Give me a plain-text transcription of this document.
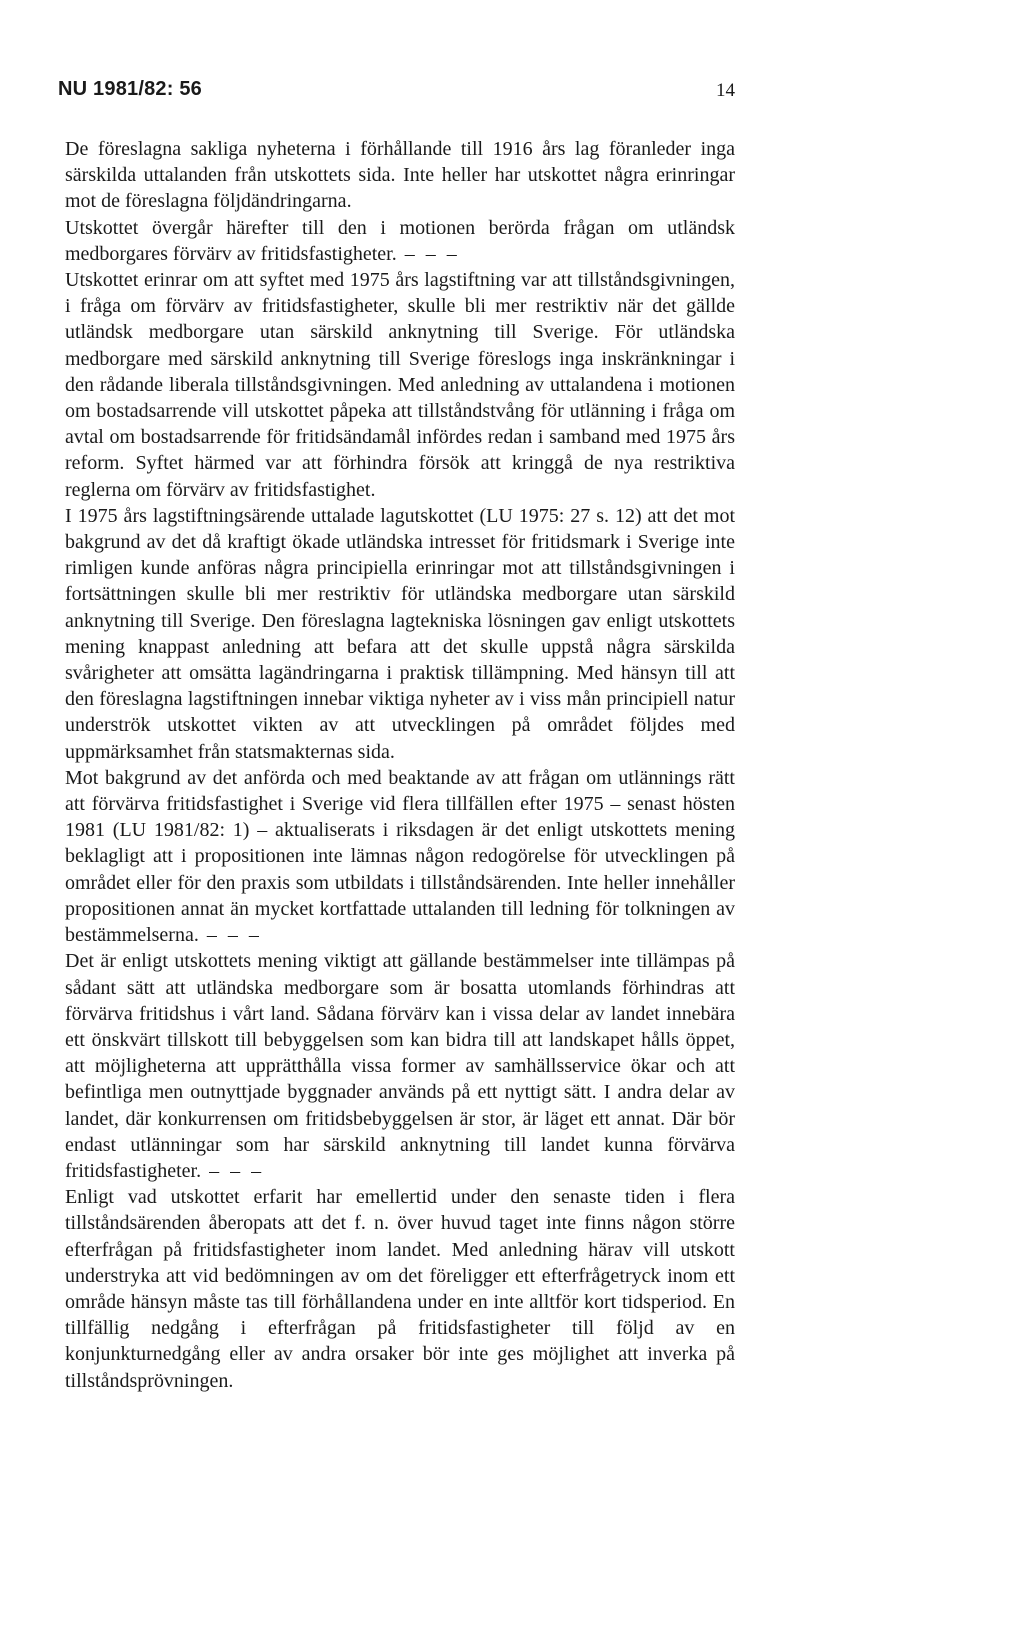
NU 1981/82: 56	14

De föreslagna sakliga nyheterna i förhållande till 1916 års lag föranleder inga särskilda uttalanden från utskottets sida. Inte heller har utskottet några erinringar mot de föreslagna följdändringarna.

Utskottet övergår härefter till den i motionen berörda frågan om utländsk medborgares förvärv av fritidsfastigheter. – – –

Utskottet erinrar om att syftet med 1975 års lagstiftning var att tillståndsgivningen, i fråga om förvärv av fritidsfastigheter, skulle bli mer restriktiv när det gällde utländsk medborgare utan särskild anknytning till Sverige. För utländska medborgare med särskild anknytning till Sverige föreslogs inga inskränkningar i den rådande liberala tillståndsgivningen. Med anledning av uttalandena i motionen om bostadsarrende vill utskottet påpeka att tillståndstvång för utlänning i fråga om avtal om bostadsarrende för fritidsändamål infördes redan i samband med 1975 års reform. Syftet härmed var att förhindra försök att kringgå de nya restriktiva reglerna om förvärv av fritidsfastighet.

I 1975 års lagstiftningsärende uttalade lagutskottet (LU 1975: 27 s. 12) att det mot bakgrund av det då kraftigt ökade utländska intresset för fritidsmark i Sverige inte rimligen kunde anföras några principiella erinringar mot att tillståndsgivningen i fortsättningen skulle bli mer restriktiv för utländska medborgare utan särskild anknytning till Sverige. Den föreslagna lagtekniska lösningen gav enligt utskottets mening knappast anledning att befara att det skulle uppstå några särskilda svårigheter att omsätta lagändringarna i praktisk tillämpning. Med hänsyn till att den föreslagna lagstiftningen innebar viktiga nyheter av i viss mån principiell natur underströk utskottet vikten av att utvecklingen på området följdes med uppmärksamhet från statsmakternas sida.

Mot bakgrund av det anförda och med beaktande av att frågan om utlännings rätt att förvärva fritidsfastighet i Sverige vid flera tillfällen efter 1975 – senast hösten 1981 (LU 1981/82: 1) – aktualiserats i riksdagen är det enligt utskottets mening beklagligt att i propositionen inte lämnas någon redogörelse för utvecklingen på området eller för den praxis som utbildats i tillståndsärenden. Inte heller innehåller propositionen annat än mycket kortfattade uttalanden till ledning för tolkningen av bestämmelserna. – – –

Det är enligt utskottets mening viktigt att gällande bestämmelser inte tillämpas på sådant sätt att utländska medborgare som är bosatta utomlands förhindras att förvärva fritidshus i vårt land. Sådana förvärv kan i vissa delar av landet innebära ett önskvärt tillskott till bebyggelsen som kan bidra till att landskapet hålls öppet, att möjligheterna att upprätthålla vissa former av samhällsservice ökar och att befintliga men outnyttjade byggnader används på ett nyttigt sätt. I andra delar av landet, där konkurrensen om fritidsbebyggelsen är stor, är läget ett annat. Där bör endast utlänningar som har särskild anknytning till landet kunna förvärva fritidsfastigheter. – – –

Enligt vad utskottet erfarit har emellertid under den senaste tiden i flera tillståndsärenden åberopats att det f. n. över huvud taget inte finns någon större efterfrågan på fritidsfastigheter inom landet. Med anledning härav vill utskott understryka att vid bedömningen av om det föreligger ett efterfrågetryck inom ett område hänsyn måste tas till förhållandena under en inte alltför kort tidsperiod. En tillfällig nedgång i efterfrågan på fritidsfastigheter till följd av en konjunkturnedgång eller av andra orsaker bör inte ges möjlighet att inverka på tillståndsprövningen.
